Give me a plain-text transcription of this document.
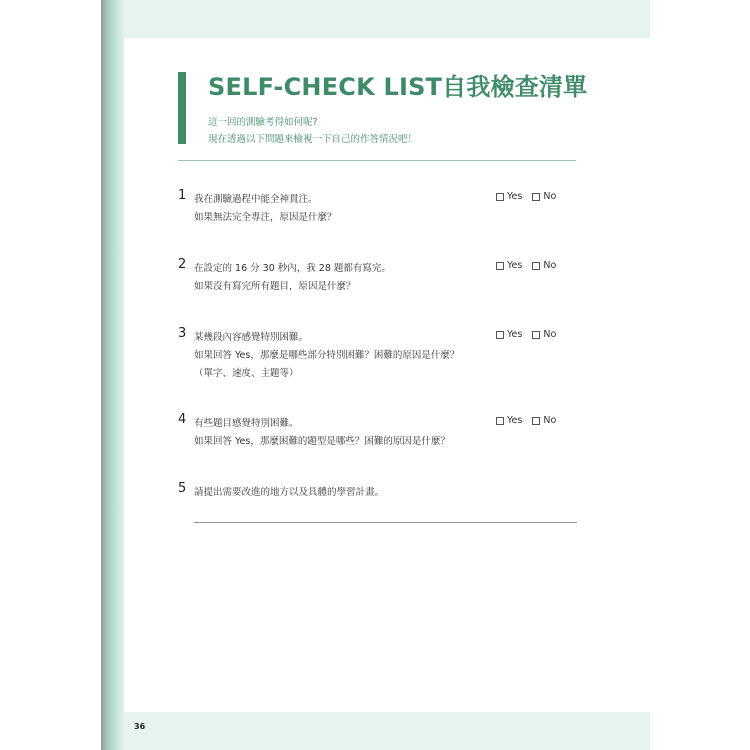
SELF-CHECK LIST自我檢查清單
這一回的測驗考得如何呢?
現在透過以下問題來檢視一下自己的作答情況吧！
1 我在測驗過程中能全神貫注。
如果無法完全專注，原因是什麼？
Yes No
2 在設定的 16 分 30 秒內，我 28 題都有寫完。
如果沒有寫完所有題目，原因是什麼？
Yes No
3 某幾段內容感覺特別困難。
如果回答 Yes，那麼是哪些部分特別困難？困難的原因是什麼？
（單字、速度、主題等）
Yes No
4 有些題目感覺特別困難。
如果回答 Yes，那麼困難的題型是哪些？困難的原因是什麼？
Yes No
5 請提出需要改進的地方以及具體的學習計畫。
36
